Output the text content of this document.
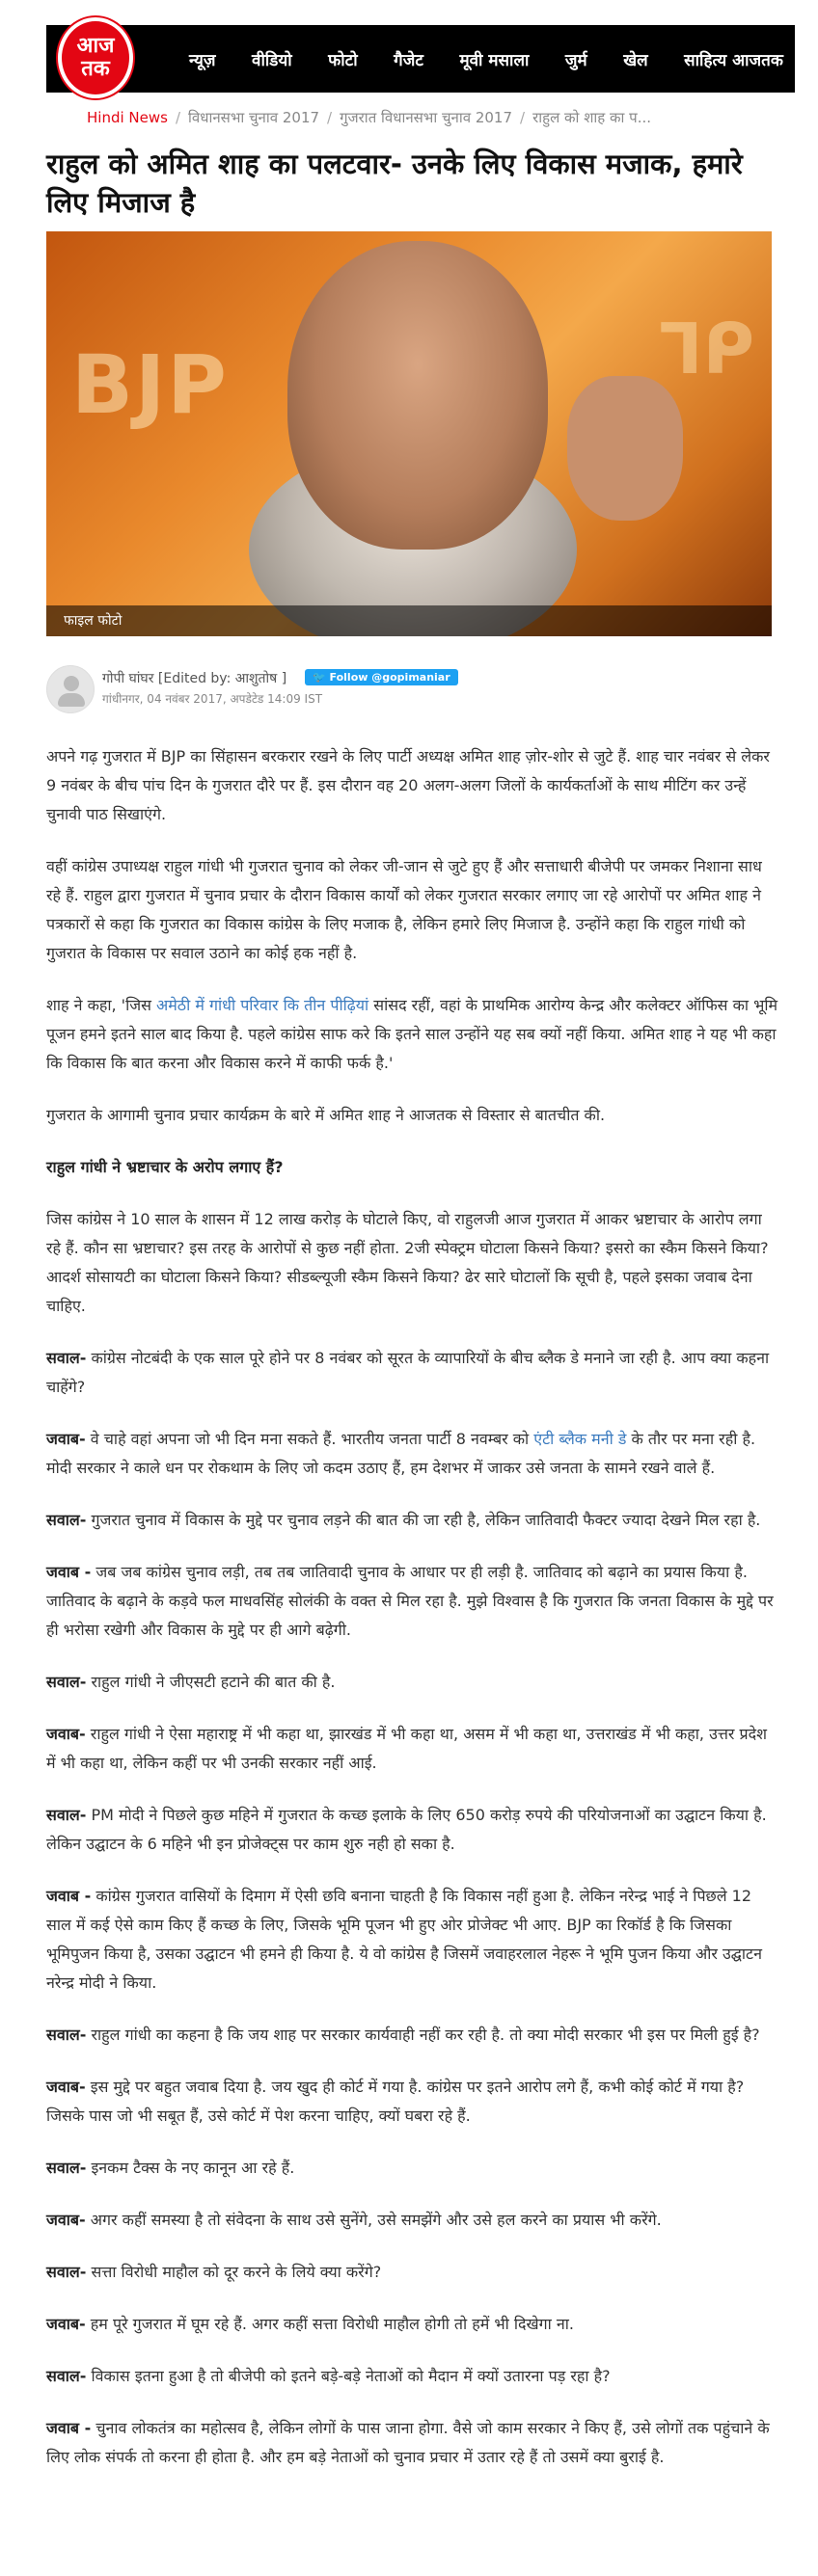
आज तक	न्यूज़ वीडियो फोटो गैजेट मूवी मसाला जुर्म खेल साहित्य आजतक
Hindi News / विधानसभा चुनाव 2017 / गुजरात विधानसभा चुनाव 2017 / राहुल को शाह का प...
राहुल को अमित शाह का पलटवार- उनके लिए विकास मजाक, हमारे लिए मिजाज है
BJP	ᒣᑭ
फाइल फोटो
गोपी घांघर [Edited by: आशुतोष ]	🐦 Follow @gopimaniar
गांधीनगर, 04 नवंबर 2017, अपडेटेड 14:09 IST

अपने गढ़ गुजरात में BJP का सिंहासन बरकरार रखने के लिए पार्टी अध्यक्ष अमित शाह ज़ोर-शोर से जुटे हैं. शाह चार नवंबर से लेकर 9 नवंबर के बीच पांच दिन के गुजरात दौरे पर हैं. इस दौरान वह 20 अलग-अलग जिलों के कार्यकर्ताओं के साथ मीटिंग कर उन्हें चुनावी पाठ सिखाएंगे.

वहीं कांग्रेस उपाध्यक्ष राहुल गांधी भी गुजरात चुनाव को लेकर जी-जान से जुटे हुए हैं और सत्ताधारी बीजेपी पर जमकर निशाना साध रहे हैं. राहुल द्वारा गुजरात में चुनाव प्रचार के दौरान विकास कार्यों को लेकर गुजरात सरकार लगाए जा रहे आरोपों पर अमित शाह ने पत्रकारों से कहा कि गुजरात का विकास कांग्रेस के लिए मजाक है, लेकिन हमारे लिए मिजाज है. उन्होंने कहा कि राहुल गांधी को गुजरात के विकास पर सवाल उठाने का कोई हक नहीं है.

शाह ने कहा, 'जिस अमेठी में गांधी परिवार कि तीन पीढ़ियां सांसद रहीं, वहां के प्राथमिक आरोग्य केन्द्र और कलेक्टर ऑफिस का भूमि पूजन हमने इतने साल बाद किया है. पहले कांग्रेस साफ करे कि इतने साल उन्होंने यह सब क्यों नहीं किया. अमित शाह ने यह भी कहा कि विकास कि बात करना और विकास करने में काफी फर्क है.'

गुजरात के आगामी चुनाव प्रचार कार्यक्रम के बारे में अमित शाह ने आजतक से विस्तार से बातचीत की.

राहुल गांधी ने भ्रष्टाचार के अरोप लगाए हैं?

जिस कांग्रेस ने 10 साल के शासन में 12 लाख करोड़ के घोटाले किए, वो राहुलजी आज गुजरात में आकर भ्रष्टाचार के आरोप लगा रहे हैं. कौन सा भ्रष्टाचार? इस तरह के आरोपों से कुछ नहीं होता. 2जी स्पेक्ट्रम घोटाला किसने किया? इसरो का स्कैम किसने किया? आदर्श सोसायटी का घोटाला किसने किया? सीडब्ल्यूजी स्कैम किसने किया? ढेर सारे घोटालों कि सूची है, पहले इसका जवाब देना चाहिए.

सवाल- कांग्रेस नोटबंदी के एक साल पूरे होने पर 8 नवंबर को सूरत के व्यापारियों के बीच ब्लैक डे मनाने जा रही है. आप क्या कहना चाहेंगे?

जवाब- वे चाहे वहां अपना जो भी दिन मना सकते हैं. भारतीय जनता पार्टी 8 नवम्बर को एंटी ब्लैक मनी डे के तौर पर मना रही है. मोदी सरकार ने काले धन पर रोकथाम के लिए जो कदम उठाए हैं, हम देशभर में जाकर उसे जनता के सामने रखने वाले हैं.

सवाल- गुजरात चुनाव में विकास के मुद्दे पर चुनाव लड़ने की बात की जा रही है, लेकिन जातिवादी फैक्टर ज्यादा देखने मिल रहा है.

जवाब - जब जब कांग्रेस चुनाव लड़ी, तब तब जातिवादी चुनाव के आधार पर ही लड़ी है. जातिवाद को बढ़ाने का प्रयास किया है. जातिवाद के बढ़ाने के कड़वे फल माधवसिंह सोलंकी के वक्त से मिल रहा है. मुझे विश्वास है कि गुजरात कि जनता विकास के मुद्दे पर ही भरोसा रखेगी और विकास के मुद्दे पर ही आगे बढ़ेगी.

सवाल- राहुल गांधी ने जीएसटी हटाने की बात की है.

जवाब- राहुल गांधी ने ऐसा महाराष्ट्र में भी कहा था, झारखंड में भी कहा था, असम में भी कहा था, उत्तराखंड में भी कहा, उत्तर प्रदेश में भी कहा था, लेकिन कहीं पर भी उनकी सरकार नहीं आई.

सवाल- PM मोदी ने पिछले कुछ महिने में गुजरात के कच्छ इलाके के लिए 650 करोड़ रुपये की परियोजनाओं का उद्घाटन किया है. लेकिन उद्घाटन के 6 महिने भी इन प्रोजेक्ट्स पर काम शुरु नही हो सका है.

जवाब - कांग्रेस गुजरात वासियों के दिमाग में ऐसी छवि बनाना चाहती है कि विकास नहीं हुआ है. लेकिन नरेन्द्र भाई ने पिछले 12 साल में कई ऐसे काम किए हैं कच्छ के लिए, जिसके भूमि पूजन भी हुए ओर प्रोजेक्ट भी आए. BJP का रिकॉर्ड है कि जिसका भूमिपुजन किया है, उसका उद्घाटन भी हमने ही किया है. ये वो कांग्रेस है जिसमें जवाहरलाल नेहरू ने भूमि पुजन किया और उद्घाटन नरेन्द्र मोदी ने किया.

सवाल- राहुल गांधी का कहना है कि जय शाह पर सरकार कार्यवाही नहीं कर रही है. तो क्या मोदी सरकार भी इस पर मिली हुई है?

जवाब- इस मुद्दे पर बहुत जवाब दिया है. जय खुद ही कोर्ट में गया है. कांग्रेस पर इतने आरोप लगे हैं, कभी कोई कोर्ट में गया है? जिसके पास जो भी सबूत हैं, उसे कोर्ट में पेश करना चाहिए, क्यों घबरा रहे हैं.

सवाल- इनकम टैक्स के नए कानून आ रहे हैं.

जवाब- अगर कहीं समस्या है तो संवेदना के साथ उसे सुनेंगे, उसे समझेंगे और उसे हल करने का प्रयास भी करेंगे.

सवाल- सत्ता विरोधी माहौल को दूर करने के लिये क्या करेंगे?

जवाब- हम पूरे गुजरात में घूम रहे हैं. अगर कहीं सत्ता विरोधी माहौल होगी तो हमें भी दिखेगा ना.

सवाल- विकास इतना हुआ है तो बीजेपी को इतने बड़े-बड़े नेताओं को मैदान में क्यों उतारना पड़ रहा है?

जवाब - चुनाव लोकतंत्र का महोत्सव है, लेकिन लोगों के पास जाना होगा. वैसे जो काम सरकार ने किए हैं, उसे लोगों तक पहुंचाने के लिए लोक संपर्क तो करना ही होता है. और हम बड़े नेताओं को चुनाव प्रचार में उतार रहे हैं तो उसमें क्या बुराई है.
